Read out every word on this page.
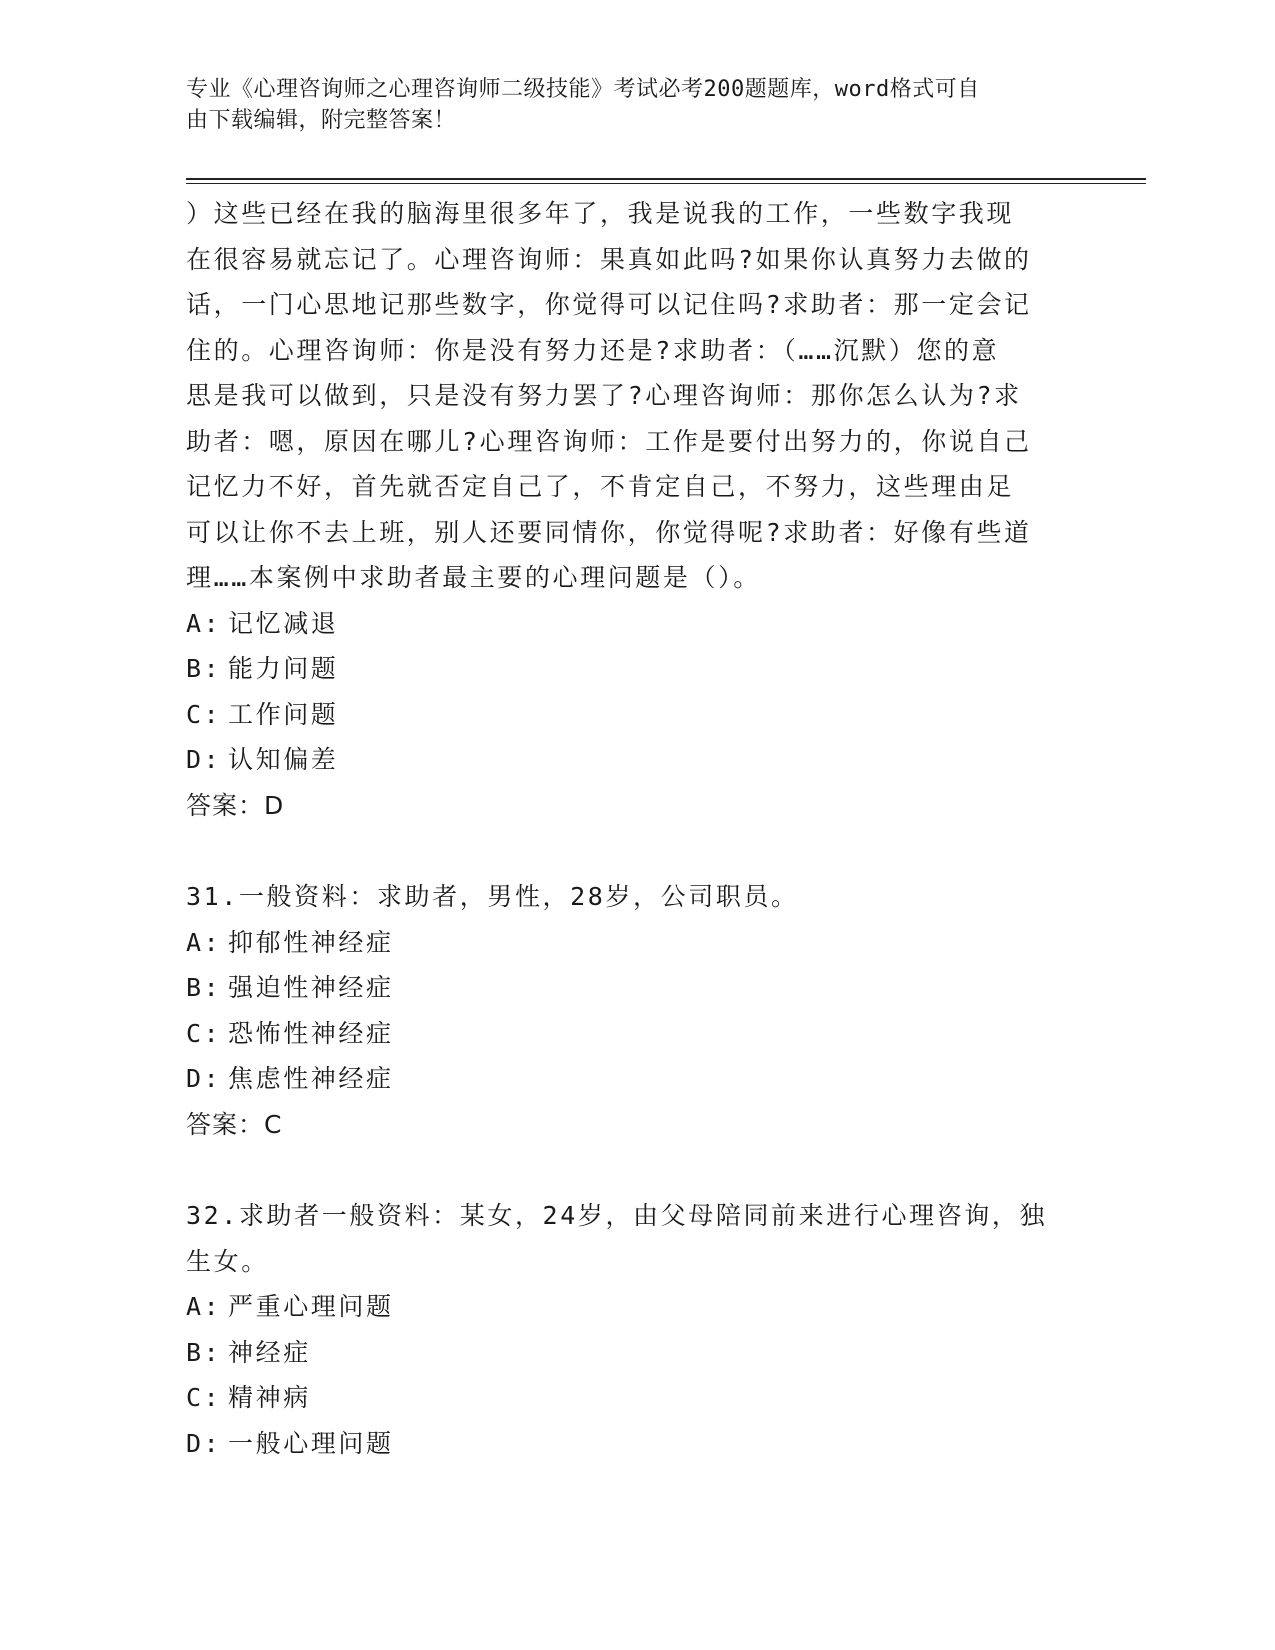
专业《心理咨询师之心理咨询师二级技能》考试必考200题题库，word格式可自
由下载编辑，附完整答案！
）这些已经在我的脑海里很多年了，我是说我的工作，一些数字我现
在很容易就忘记了。心理咨询师：果真如此吗?如果你认真努力去做的
话，一门心思地记那些数字，你觉得可以记住吗?求助者：那一定会记
住的。心理咨询师：你是没有努力还是?求助者：（……沉默）您的意
思是我可以做到，只是没有努力罢了?心理咨询师：那你怎么认为?求
助者：嗯，原因在哪儿?心理咨询师：工作是要付出努力的，你说自己
记忆力不好，首先就否定自己了，不肯定自己，不努力，这些理由足
可以让你不去上班，别人还要同情你，你觉得呢?求助者：好像有些道
理……本案例中求助者最主要的心理问题是（）。
A: 记忆减退
B: 能力问题
C: 工作问题
D: 认知偏差
答案：D
31.一般资料：求助者，男性，28岁，公司职员。
A: 抑郁性神经症
B: 强迫性神经症
C: 恐怖性神经症
D: 焦虑性神经症
答案：C
32.求助者一般资料：某女，24岁，由父母陪同前来进行心理咨询，独
生女。
A: 严重心理问题
B: 神经症
C: 精神病
D: 一般心理问题
